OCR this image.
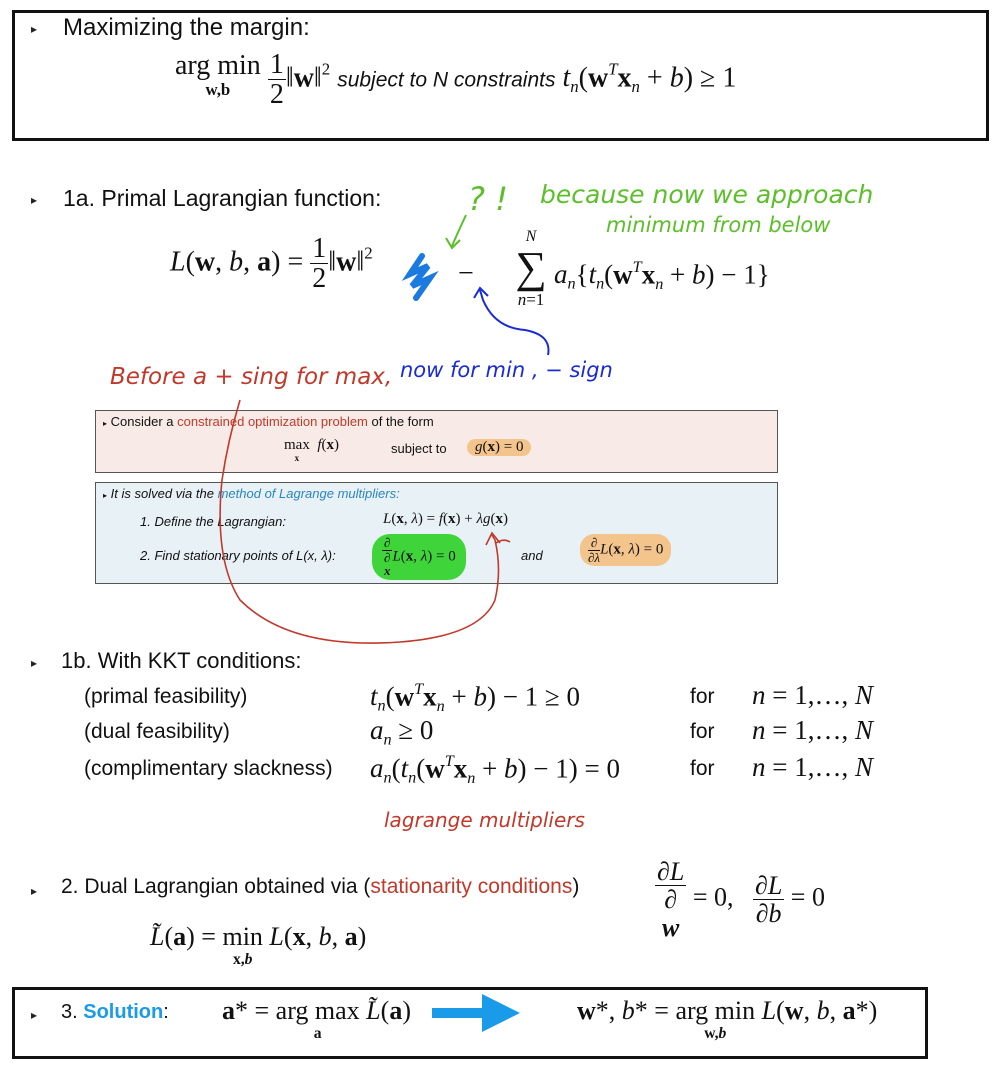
▸ Maximizing the margin:
arg min
w,b
	$\frac{1}{2}$ ‖w‖$^2$ subject to N constraints $t_n(w^Tx_n + b) \ge 1$
▸ 1a. Primal Lagrangian function:	? ! because now we approach
minimum from below
L(w, b, $a) = \frac{1}{2}$ ‖w‖$^2$
−
N
∑
n=1
$a_n\{t_n(w^Tx_n + b) - 1\}$
Before a + sing for max, now for min , − sign
▸ Consider a constrained optimization problem of the form
max
x
f(x)	subject to	g(x) = 0
▸ It is solved via the method of Lagrange multipliers:
1. Define the Lagrangian:	L(x, λ) = f(x) + λg(x)
2. Find stationary points of L(x, λ):	∂
∂
x L(x, λ) = 0	and	$\frac{\partial}{\partial\lambda} L(x$, λ) = 0
▸ 1b. With KKT conditions:
(primal feasibility)	$t_n(w^Tx_n + b) - 1 \ge 0$	for n = 1,…, N
(dual feasibility)	$a_n \ge 0$	for n = 1,…, N
(complimentary slackness) $a_n(t_n(w^Tx_n + b) - 1) = 0$	for n = 1,…, N
lagrange multipliers
▸ 2. Dual Lagrangian obtained via (stationarity conditions)	∂L
∂
w = 0, $\frac{\partial L}{\partial b} = 0$
L̃(a) = min
x,b
L(x, b, a)
▸ 3. Solution: a* = arg max
a
L̃(a)	w*, b* = arg min
w,b
L(w, b, a*)
